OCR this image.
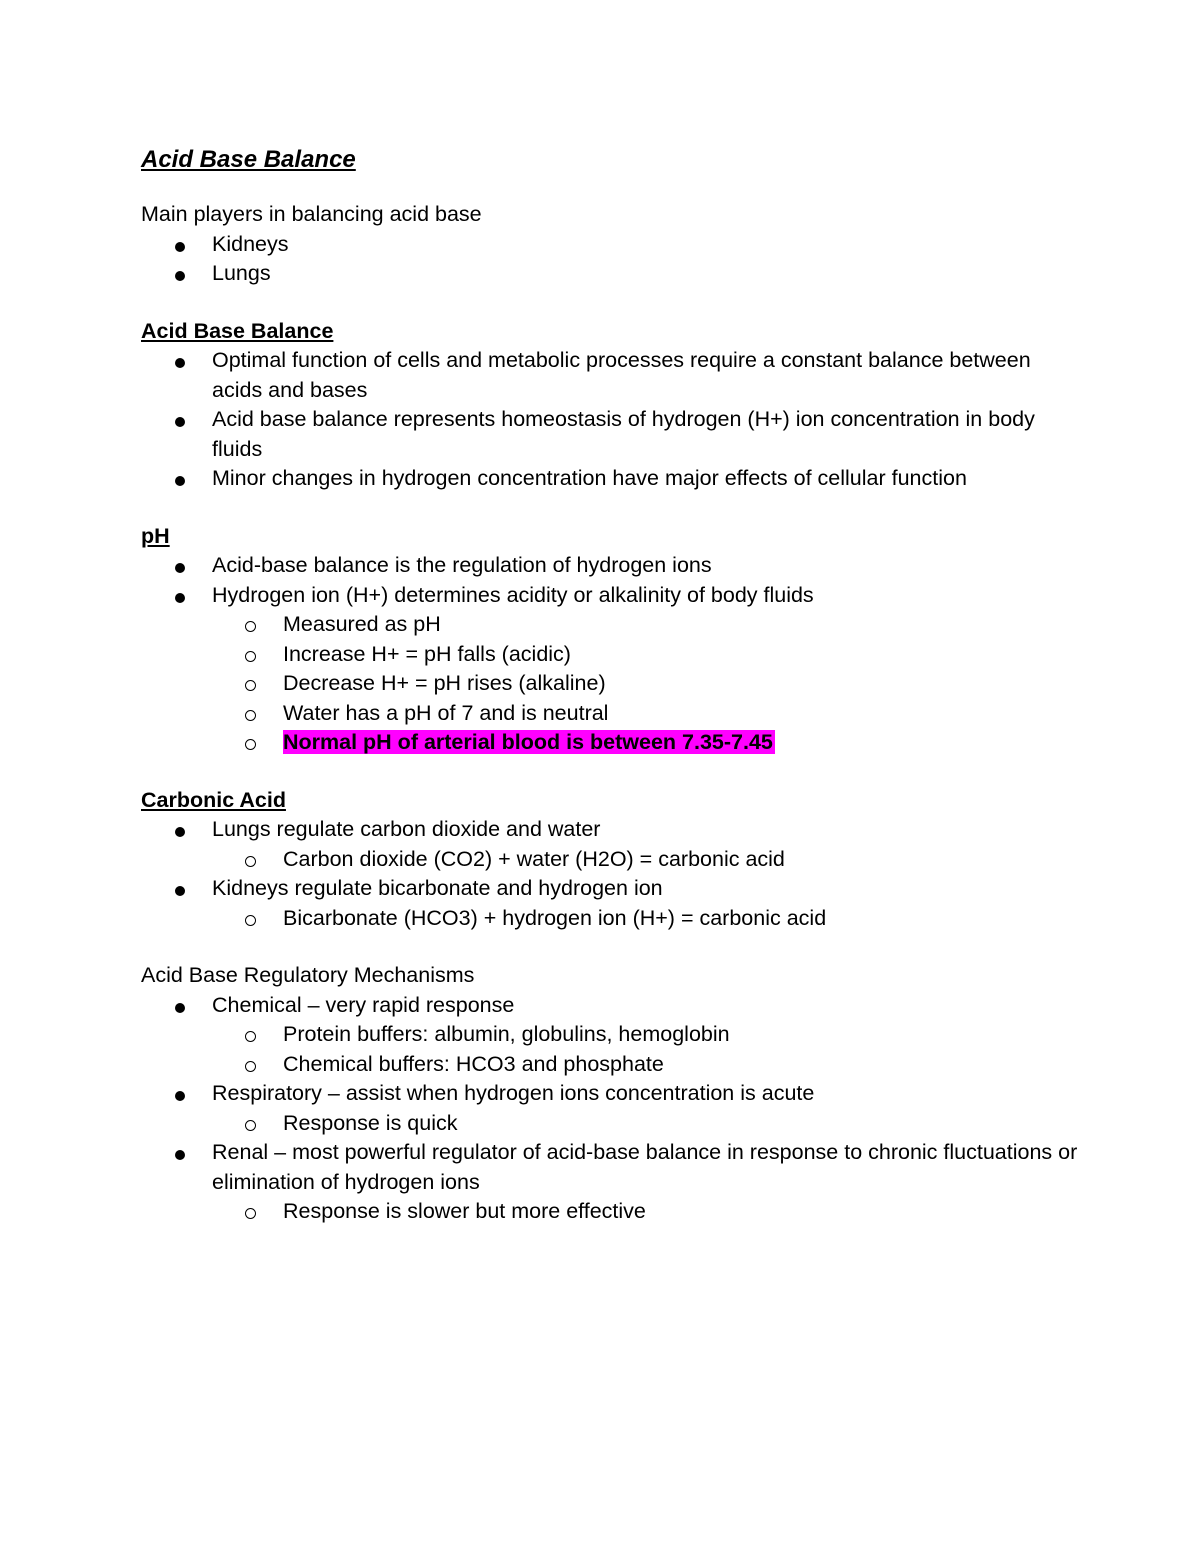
Acid Base Balance
Main players in balancing acid base
Kidneys
Lungs
Acid Base Balance
Optimal function of cells and metabolic processes require a constant balance between acids and bases
Acid base balance represents homeostasis of hydrogen (H+) ion concentration in body fluids
Minor changes in hydrogen concentration have major effects of cellular function
pH
Acid-base balance is the regulation of hydrogen ions
Hydrogen ion (H+) determines acidity or alkalinity of body fluids
Measured as pH
Increase H+ = pH falls (acidic)
Decrease H+ = pH rises (alkaline)
Water has a pH of 7 and is neutral
Normal pH of arterial blood is between 7.35-7.45
Carbonic Acid
Lungs regulate carbon dioxide and water
Carbon dioxide (CO2) + water (H2O) = carbonic acid
Kidneys regulate bicarbonate and hydrogen ion
Bicarbonate (HCO3) + hydrogen ion (H+) = carbonic acid
Acid Base Regulatory Mechanisms
Chemical – very rapid response
Protein buffers: albumin, globulins, hemoglobin
Chemical buffers: HCO3 and phosphate
Respiratory – assist when hydrogen ions concentration is acute
Response is quick
Renal – most powerful regulator of acid-base balance in response to chronic fluctuations or elimination of hydrogen ions
Response is slower but more effective
